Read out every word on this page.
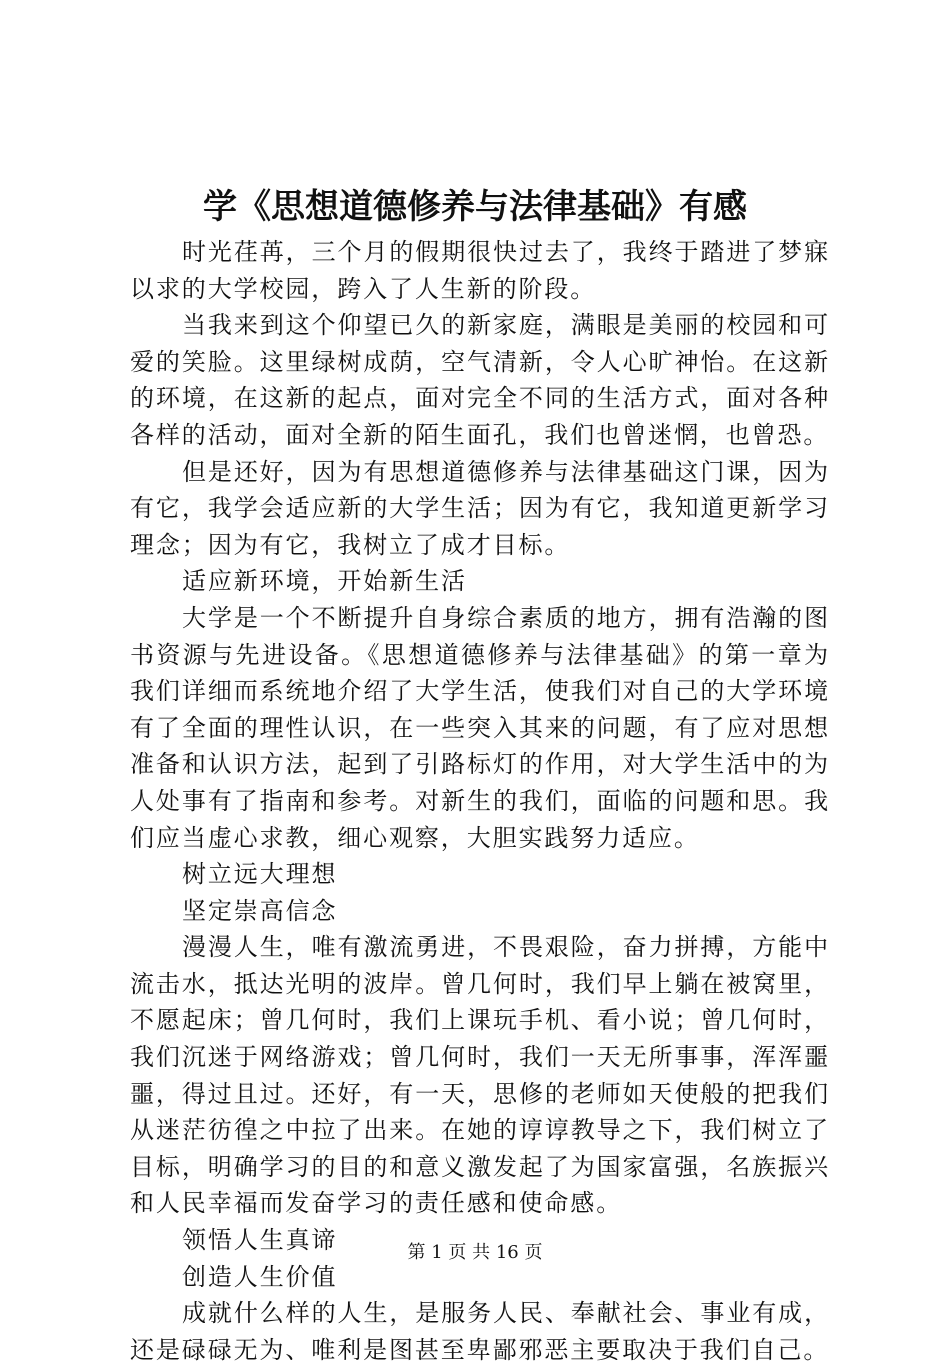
学《思想道德修养与法律基础》有感

时光荏苒，三个月的假期很快过去了，我终于踏进了梦寐以求的大学校园，跨入了人生新的阶段。

当我来到这个仰望已久的新家庭，满眼是美丽的校园和可爱的笑脸。这里绿树成荫，空气清新，令人心旷神怡。在这新的环境，在这新的起点，面对完全不同的生活方式，面对各种各样的活动，面对全新的陌生面孔，我们也曾迷惘，也曾恐。

但是还好，因为有思想道德修养与法律基础这门课，因为有它，我学会适应新的大学生活；因为有它，我知道更新学习理念；因为有它，我树立了成才目标。

适应新环境，开始新生活

大学是一个不断提升自身综合素质的地方，拥有浩瀚的图书资源与先进设备。《思想道德修养与法律基础》的第一章为我们详细而系统地介绍了大学生活，使我们对自己的大学环境有了全面的理性认识，在一些突入其来的问题，有了应对思想准备和认识方法，起到了引路标灯的作用，对大学生活中的为人处事有了指南和参考。对新生的我们，面临的问题和思。我们应当虚心求教，细心观察，大胆实践努力适应。

树立远大理想

坚定崇高信念

漫漫人生，唯有激流勇进，不畏艰险，奋力拼搏，方能中流击水，抵达光明的波岸。曾几何时，我们早上躺在被窝里，不愿起床；曾几何时，我们上课玩手机、看小说；曾几何时，我们沉迷于网络游戏；曾几何时，我们一天无所事事，浑浑噩噩，得过且过。还好，有一天，思修的老师如天使般的把我们从迷茫彷徨之中拉了出来。在她的谆谆教导之下，我们树立了目标，明确学习的目的和意义激发起了为国家富强，名族振兴和人民幸福而发奋学习的责任感和使命感。

领悟人生真谛

创造人生价值

成就什么样的人生，是服务人民、奉献社会、事业有成，还是碌碌无为、唯利是图甚至卑鄙邪恶主要取决于我们自己。

第 1 页 共 16 页
